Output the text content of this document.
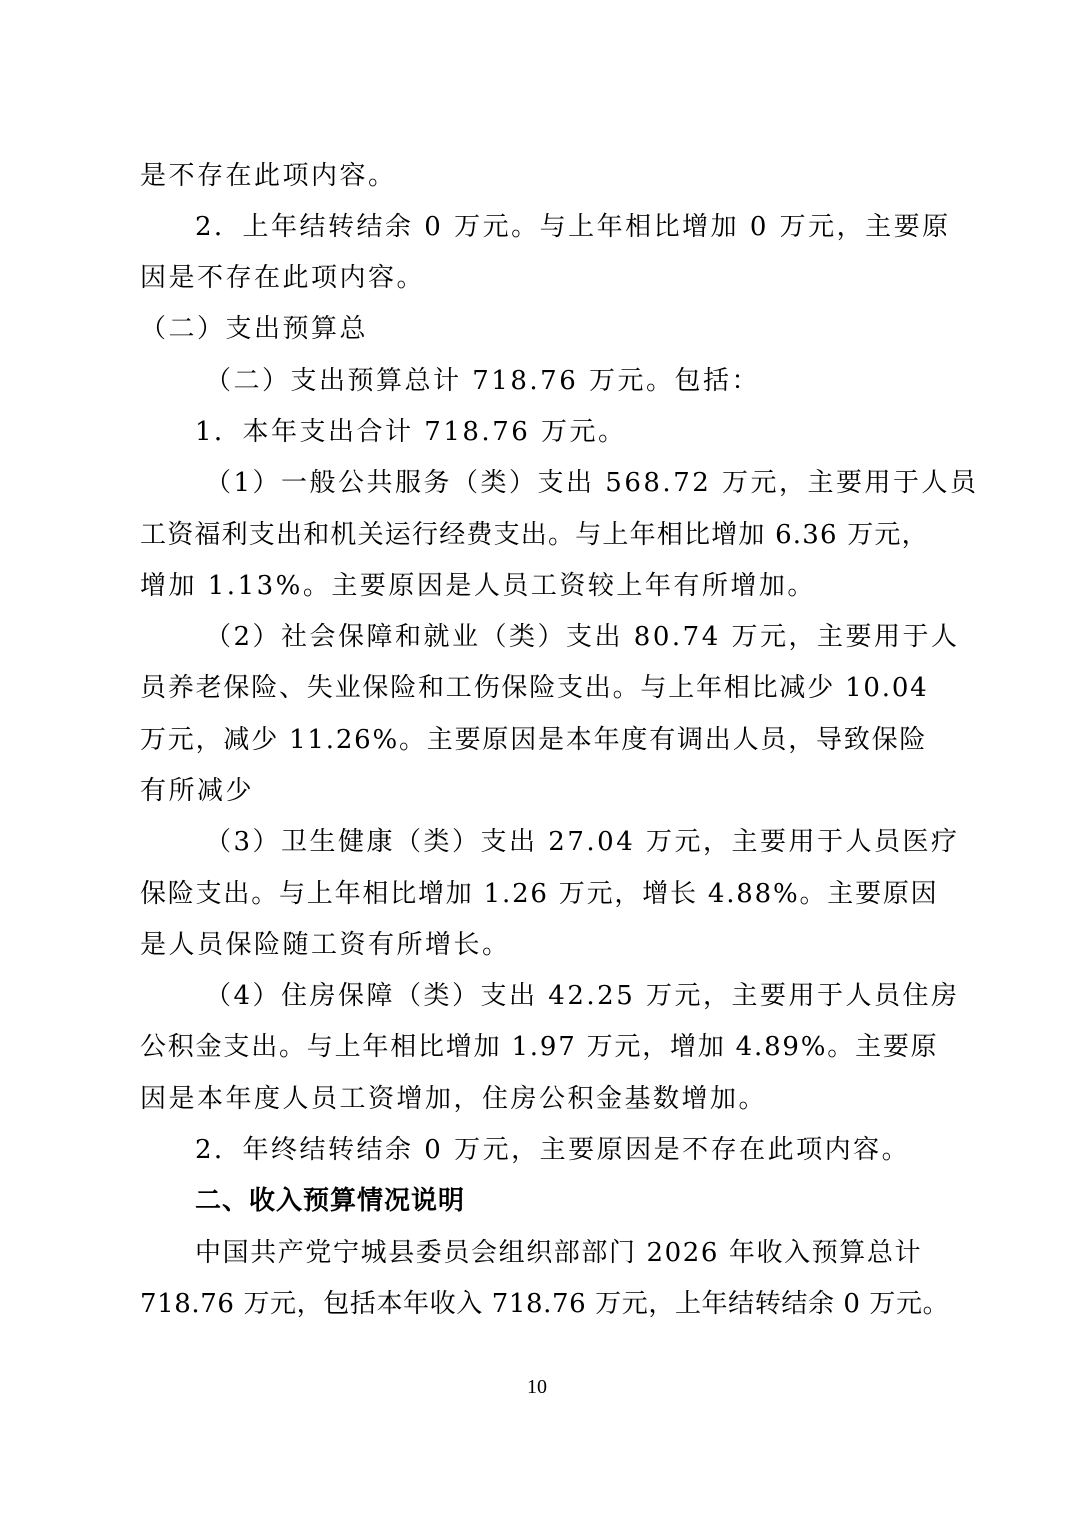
是不存在此项内容。
2．上年结转结余 0 万元。与上年相比增加 0 万元，主要原
因是不存在此项内容。
（二）支出预算总
（二）支出预算总计 718.76 万元。包括：
1．本年支出合计 718.76 万元。
（1）一般公共服务（类）支出 568.72 万元，主要用于人员
工资福利支出和机关运行经费支出。与上年相比增加 6.36 万元，
增加 1.13%。主要原因是人员工资较上年有所增加。
（2）社会保障和就业（类）支出 80.74 万元，主要用于人
员养老保险、失业保险和工伤保险支出。与上年相比减少 10.04
万元，减少 11.26%。主要原因是本年度有调出人员，导致保险
有所减少
（3）卫生健康（类）支出 27.04 万元，主要用于人员医疗
保险支出。与上年相比增加 1.26 万元，增长 4.88%。主要原因
是人员保险随工资有所增长。
（4）住房保障（类）支出 42.25 万元，主要用于人员住房
公积金支出。与上年相比增加 1.97 万元，增加 4.89%。主要原
因是本年度人员工资增加，住房公积金基数增加。
2．年终结转结余 0 万元，主要原因是不存在此项内容。
二、收入预算情况说明
中国共产党宁城县委员会组织部部门 2026 年收入预算总计
718.76 万元，包括本年收入 718.76 万元，上年结转结余 0 万元。
10
